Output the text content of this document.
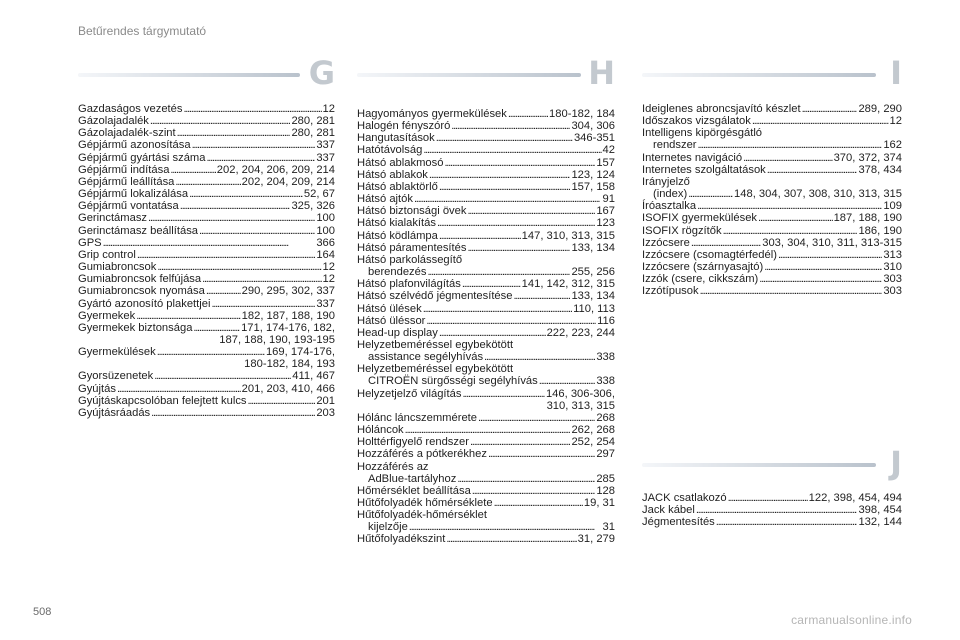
Betűrendes tárgymutató
G
Gazdaságos vezetés . . .	12
Gázolajadalék . . .	280, 281
Gázolajadalék-szint . . .	280, 281
Gépjármű azonosítása . . .	337
Gépjármű gyártási száma . . .	337
Gépjármű indítása . . .	202, 204, 206, 209, 214
Gépjármű leállítása . . .	202, 204, 209, 214
Gépjármű lokalizálása . . .	52, 67
Gépjármű vontatása . . .	325, 326
Gerinctámasz . . .	100
Gerinctámasz beállítása . . .	100
GPS . . .	366
Grip control . . .	164
Gumiabroncsok . . .	12
Gumiabroncsok felfújása . . .	12
Gumiabroncsok nyomása . . .	290, 295, 302, 337
Gyártó azonosító plakettjei . . .	337
Gyermekek . . .	182, 187, 188, 190
Gyermekek biztonsága . . .	171, 174-176, 182,
187, 188, 190, 193-195
Gyermekülések . . .	169, 174-176,
180-182, 184, 193
Gyorsüzenetek . . .	411, 467
Gyújtás . . .	201, 203, 410, 466
Gyújtáskapcsolóban felejtett kulcs . . .	201
Gyújtásráadás . . .	203
H
Hagyományos gyermekülések . . .	180-182, 184
Halogén fényszóró . . .	304, 306
Hangutasítások . . .	346-351
Hatótávolság . . .	42
Hátsó ablakmosó . . .	157
Hátsó ablakok . . .	123, 124
Hátsó ablaktörlő . . .	157, 158
Hátsó ajtók . . .	91
Hátsó biztonsági övek . . .	167
Hátsó kialakítás . . .	123
Hátsó ködlámpa . . .	147, 310, 313, 315
Hátsó páramentesítés . . .	133, 134
Hátsó parkolássegítő
berendezés . . .	255, 256
Hátsó plafonvilágítás . . .	141, 142, 312, 315
Hátsó szélvédő jégmentesítése . . .	133, 134
Hátsó ülések . . .	110, 113
Hátsó üléssor . . .	116
Head-up display . . .	222, 223, 244
Helyzetbeméréssel egybekötött
assistance segélyhívás . . .	338
Helyzetbeméréssel egybekötött
CITROËN sürgősségi segélyhívás . . .	338
Helyzetjelző világítás . . .	146, 306-306,
310, 313, 315
Hólánc láncszemmérete . . .	268
Hóláncok . . .	262, 268
Holttérfigyelő rendszer . . .	252, 254
Hozzáférés a pótkerékhez . . .	297
Hozzáférés az
AdBlue-tartályhoz . . .	285
Hőmérséklet beállítása . . .	128
Hűtőfolyadék hőmérséklete . . .	19, 31
Hűtőfolyadék-hőmérséklet
kijelzője . . .	31
Hűtőfolyadékszint . . .	31, 279
I
Ideiglenes abroncsjavító készlet . . .	289, 290
Időszakos vizsgálatok . . .	12
Intelligens kipörgésgátló
rendszer . . .	162
Internetes navigáció . . .	370, 372, 374
Internetes szolgáltatások . . .	378, 434
Irányjelző
(index) . . .	148, 304, 307, 308, 310, 313, 315
Íróasztalka . . .	109
ISOFIX gyermekülések . . .	187, 188, 190
ISOFIX rögzítők . . .	186, 190
Izzócsere . . .	303, 304, 310, 311, 313-315
Izzócsere (csomagtérfedél) . . .	313
Izzócsere (szárnyasajtó) . . .	310
Izzók (csere, cikkszám) . . .	303
Izzótípusok . . .	303
J
JACK csatlakozó . . .	122, 398, 454, 494
Jack kábel . . .	398, 454
Jégmentesítés . . .	132, 144
508
carmanualsonline.info
